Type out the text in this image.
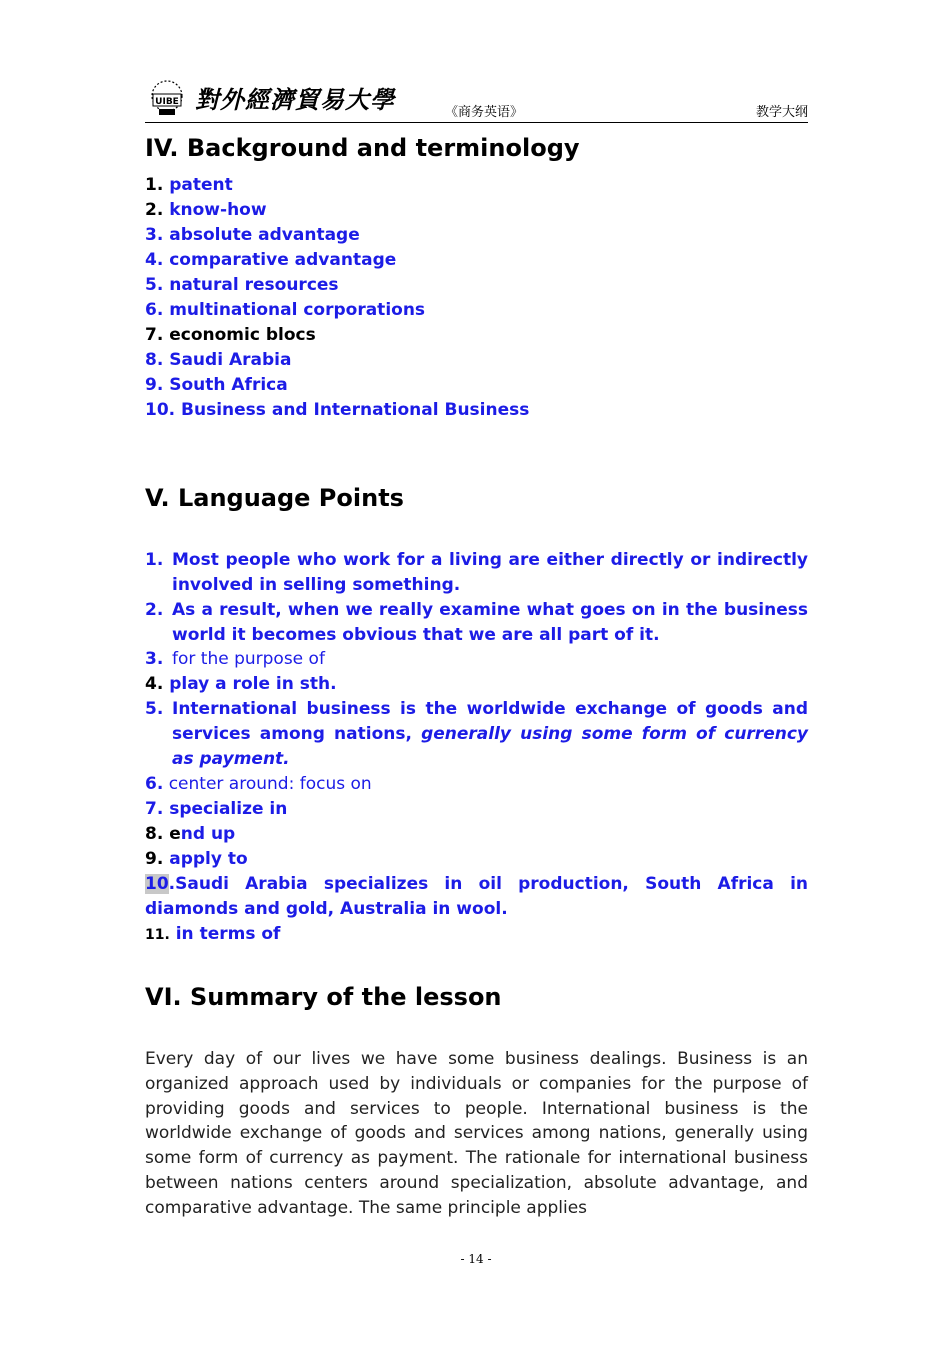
UIBE 對外經濟貿易大學	《商务英语》	教学大纲
IV. Background and terminology
1. patent
2. know-how
3. absolute advantage
4. comparative advantage
5. natural resources
6. multinational corporations
7. economic blocs
8. Saudi Arabia
9. South Africa
10. Business and International Business
V. Language Points
1. Most people who work for a living are either directly or indirectly involved in selling something.
2. As a result, when we really examine what goes on in the business world it becomes obvious that we are all part of it.
3. for the purpose of
4. play a role in sth.
5. International business is the worldwide exchange of goods and services among nations, generally using some form of currency as payment.
6. center around: focus on
7. specialize in
8. end up
9. apply to
10.Saudi Arabia specializes in oil production, South Africa in diamonds and gold, Australia in wool.
11. in terms of
VI. Summary of the lesson
Every day of our lives we have some business dealings. Business is an organized approach used by individuals or companies for the purpose of providing goods and services to people. International business is the worldwide exchange of goods and services among nations, generally using some form of currency as payment. The rationale for international business between nations centers around specialization, absolute advantage, and comparative advantage. The same principle applies
- 14 -
